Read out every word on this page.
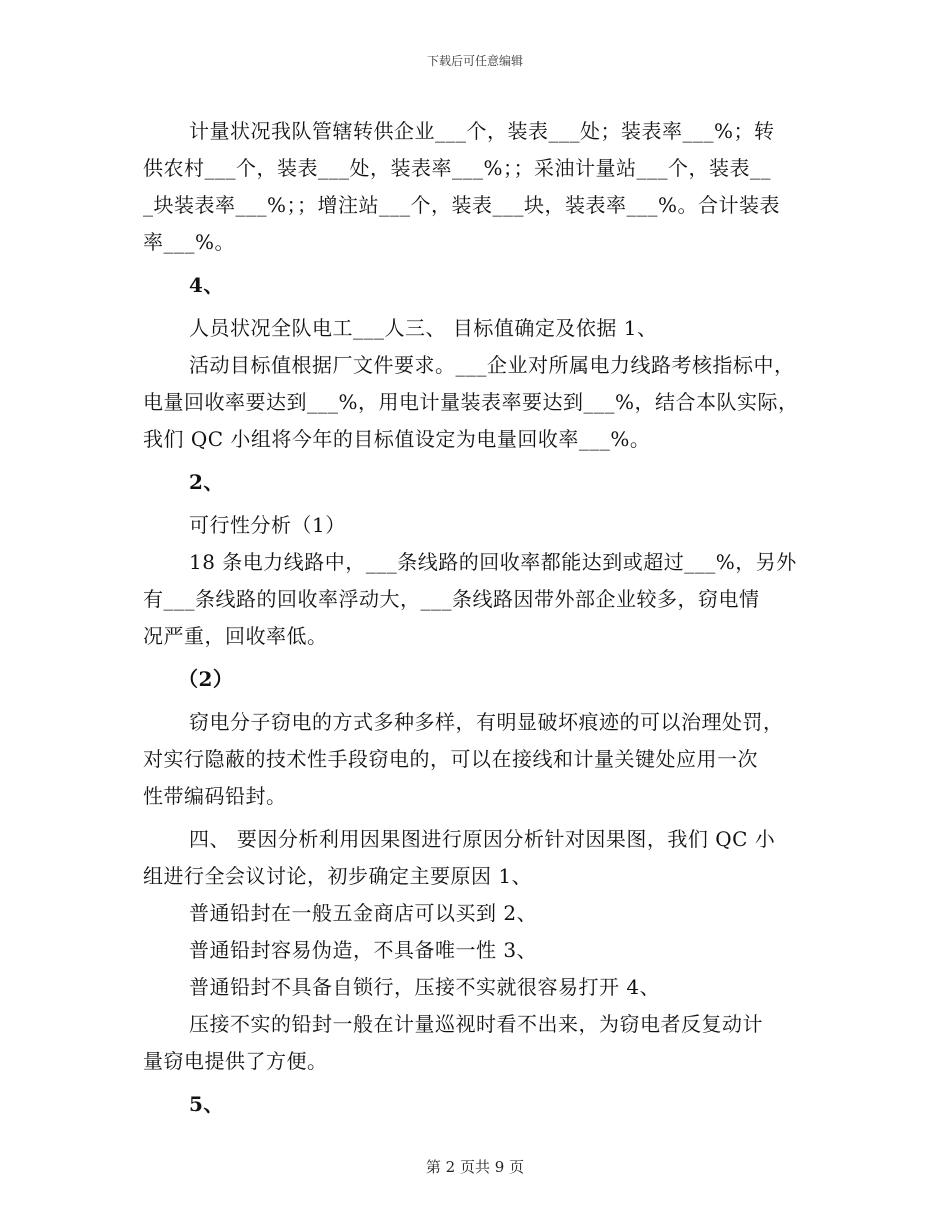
下载后可任意编辑
计量状况我队管辖转供企业___个，装表___处；装表率___%；转
供农村___个，装表___处，装表率___%；；采油计量站___个，装表__
_块装表率___%；；增注站___个，装表___块，装表率___%。合计装表
率___%。
4、
人员状况全队电工___人三、 目标值确定及依据 1、
活动目标值根据厂文件要求。___企业对所属电力线路考核指标中，
电量回收率要达到___%，用电计量装表率要达到___%，结合本队实际，
我们 QC 小组将今年的目标值设定为电量回收率___%。
2、
可行性分析（1）
18 条电力线路中，___条线路的回收率都能达到或超过___%，另外
有___条线路的回收率浮动大，___条线路因带外部企业较多，窃电情
况严重，回收率低。
（2）
窃电分子窃电的方式多种多样，有明显破坏痕迹的可以治理处罚，
对实行隐蔽的技术性手段窃电的，可以在接线和计量关键处应用一次
性带编码铅封。
四、 要因分析利用因果图进行原因分析针对因果图，我们 QC 小
组进行全会议讨论，初步确定主要原因 1、
普通铅封在一般五金商店可以买到 2、
普通铅封容易伪造，不具备唯一性 3、
普通铅封不具备自锁行，压接不实就很容易打开 4、
压接不实的铅封一般在计量巡视时看不出来，为窃电者反复动计
量窃电提供了方便。
5、
第 2 页共 9 页
